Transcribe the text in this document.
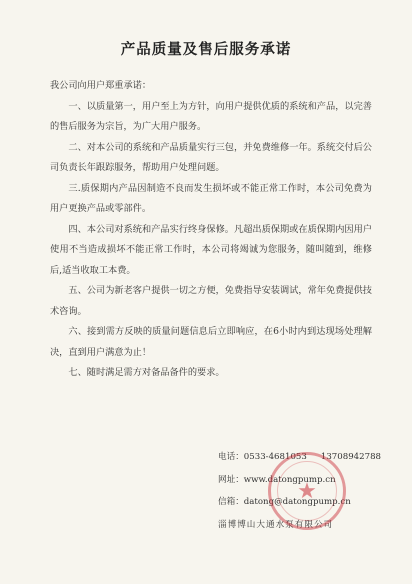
产品质量及售后服务承诺

我公司向用户郑重承诺：

一、以质量第一，用户至上为方针，向用户提供优质的系统和产品，以完善的售后服务为宗旨，为广大用户服务。

二、对本公司的系统和产品质量实行三包，并免费维修一年。系统交付后公司负责长年跟踪服务，帮助用户处理问题。

三.质保期内产品因制造不良而发生损坏或不能正常工作时，本公司免费为用户更换产品或零部件。

四、本公司对系统和产品实行终身保修。凡超出质保期或在质保期内因用户使用不当造成损坏不能正常工作时，本公司将竭诚为您服务，随叫随到，维修后,适当收取工本费。

五、公司为新老客户提供一切之方便，免费指导安装调试，常年免费提供技术咨询。

六、接到需方反映的质量问题信息后立即响应，在6小时内到达现场处理解决，直到用户满意为止！

七、随时满足需方对备品备件的要求。

电话： 0533-4681053 13708942788
网址： www.datongpump.cn
信箱： datong@datongpump.cn
淄博博山大通水泵有限公司
★
